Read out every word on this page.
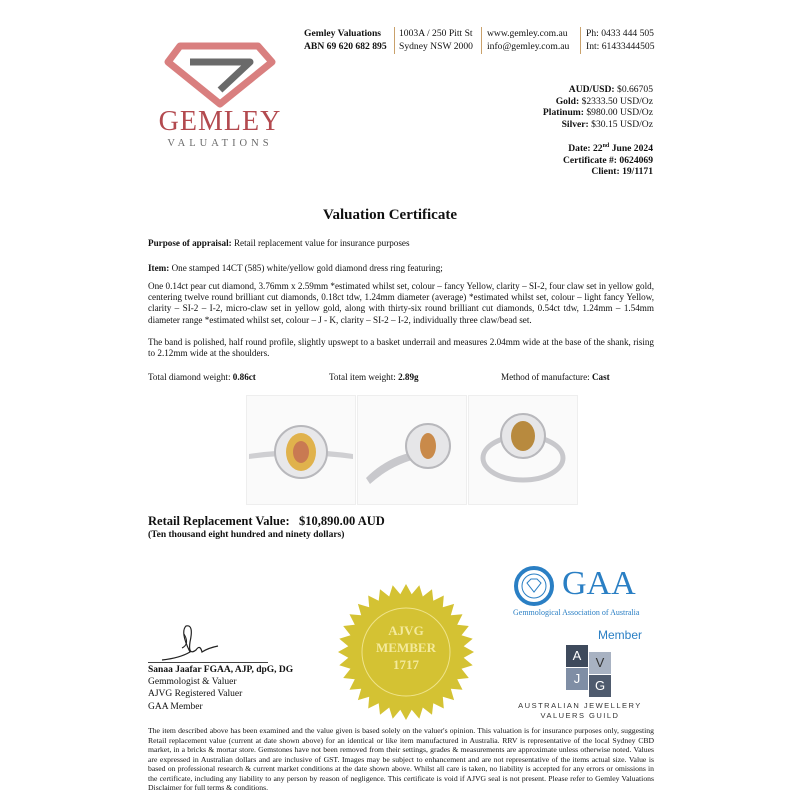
GEMLEY
VALUATIONS
Gemley Valuations
ABN 69 620 682 895
1003A / 250 Pitt St
Sydney NSW 2000
www.gemley.com.au
info@gemley.com.au
Ph: 0433 444 505
Int: 61433444505
AUD/USD: $0.66705
Gold: $2333.50 USD/Oz
Platinum: $980.00 USD/Oz
Silver: $30.15 USD/Oz
Date: 22nd June 2024
Certificate #: 0624069
Client: 19/1171
Valuation Certificate
Purpose of appraisal: Retail replacement value for insurance purposes
Item: One stamped 14CT (585) white/yellow gold diamond dress ring featuring;
One 0.14ct pear cut diamond, 3.76mm x 2.59mm *estimated whilst set, colour – fancy Yellow, clarity – SI-2, four claw set in yellow gold, centering twelve round brilliant cut diamonds, 0.18ct tdw, 1.24mm diameter (average) *estimated whilst set, colour – light fancy Yellow, clarity – SI-2 – I-2, micro-claw set in yellow gold, along with thirty-six round brilliant cut diamonds, 0.54ct tdw, 1.24mm – 1.54mm diameter range *estimated whilst set, colour – J - K, clarity – SI-2 – I-2, individually three claw/bead set.
The band is polished, half round profile, slightly upswept to a basket underrail and measures 2.04mm wide at the base of the shank, rising to 2.12mm wide at the shoulders.
Total diamond weight: 0.86ct	Total item weight: 2.89g	Method of manufacture: Cast
Retail Replacement Value: $10,890.00 AUD
(Ten thousand eight hundred and ninety dollars)
Sanaa Jaafar FGAA, AJP, dpG, DG
Gemmologist & Valuer
AJVG Registered Valuer
GAA Member
AJVG
MEMBER
1717
GAA
Gemmological Association of Australia
Member
A	V
J	G
AUSTRALIAN JEWELLERY
VALUERS GUILD
The item described above has been examined and the value given is based solely on the valuer's opinion. This valuation is for insurance purposes only, suggesting Retail replacement value (current at date shown above) for an identical or like item manufactured in Australia. RRV is representative of the local Sydney CBD market, in a bricks & mortar store. Gemstones have not been removed from their settings, grades & measurements are approximate unless otherwise noted. Values are expressed in Australian dollars and are inclusive of GST. Images may be subject to enhancement and are not representative of the items actual size. Value is based on professional research & current market conditions at the date shown above. Whilst all care is taken, no liability is accepted for any errors or omissions in the certificate, including any liability to any person by reason of negligence. This certificate is void if AJVG seal is not present. Please refer to Gemley Valuations Disclaimer for full terms & conditions.
